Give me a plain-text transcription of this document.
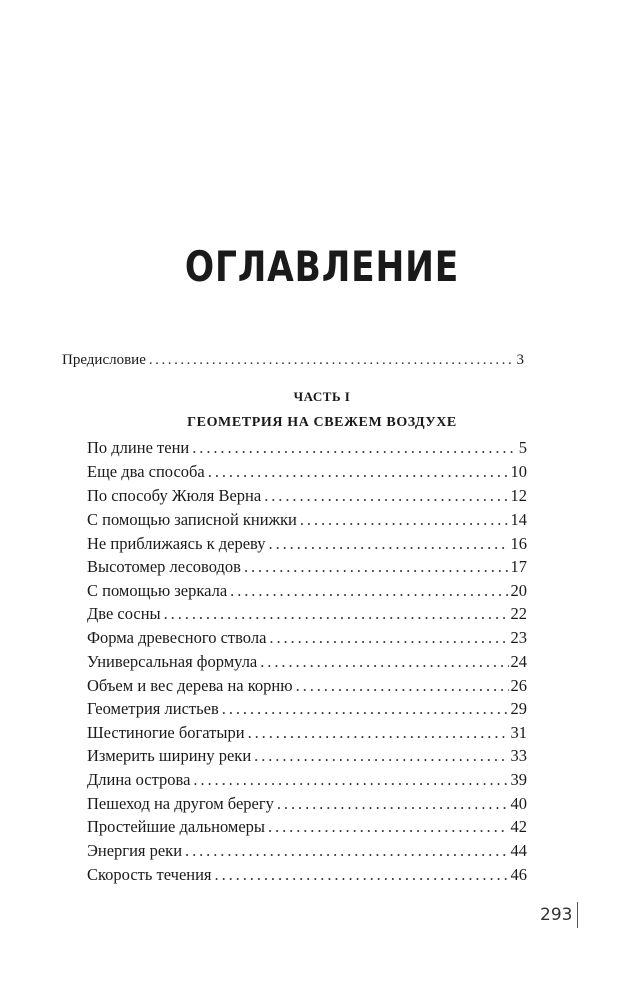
ОГЛАВЛЕНИЕ
Предисловие . . .	3
ЧАСТЬ I
ГЕОМЕТРИЯ НА СВЕЖЕМ ВОЗДУХЕ
По длине тени . . .	5
Еще два способа . . .	10
По способу Жюля Верна . . .	12
С помощью записной книжки . . .	14
Не приближаясь к дереву . . .	16
Высотомер лесоводов . . .	17
С помощью зеркала . . .	20
Две сосны . . .	22
Форма древесного ствола . . .	23
Универсальная формула . . .	24
Объем и вес дерева на корню . . .	26
Геометрия листьев . . .	29
Шестиногие богатыри . . .	31
Измерить ширину реки . . .	33
Длина острова . . .	39
Пешеход на другом берегу . . .	40
Простейшие дальномеры . . .	42
Энергия реки . . .	44
Скорость течения . . .	46
293
